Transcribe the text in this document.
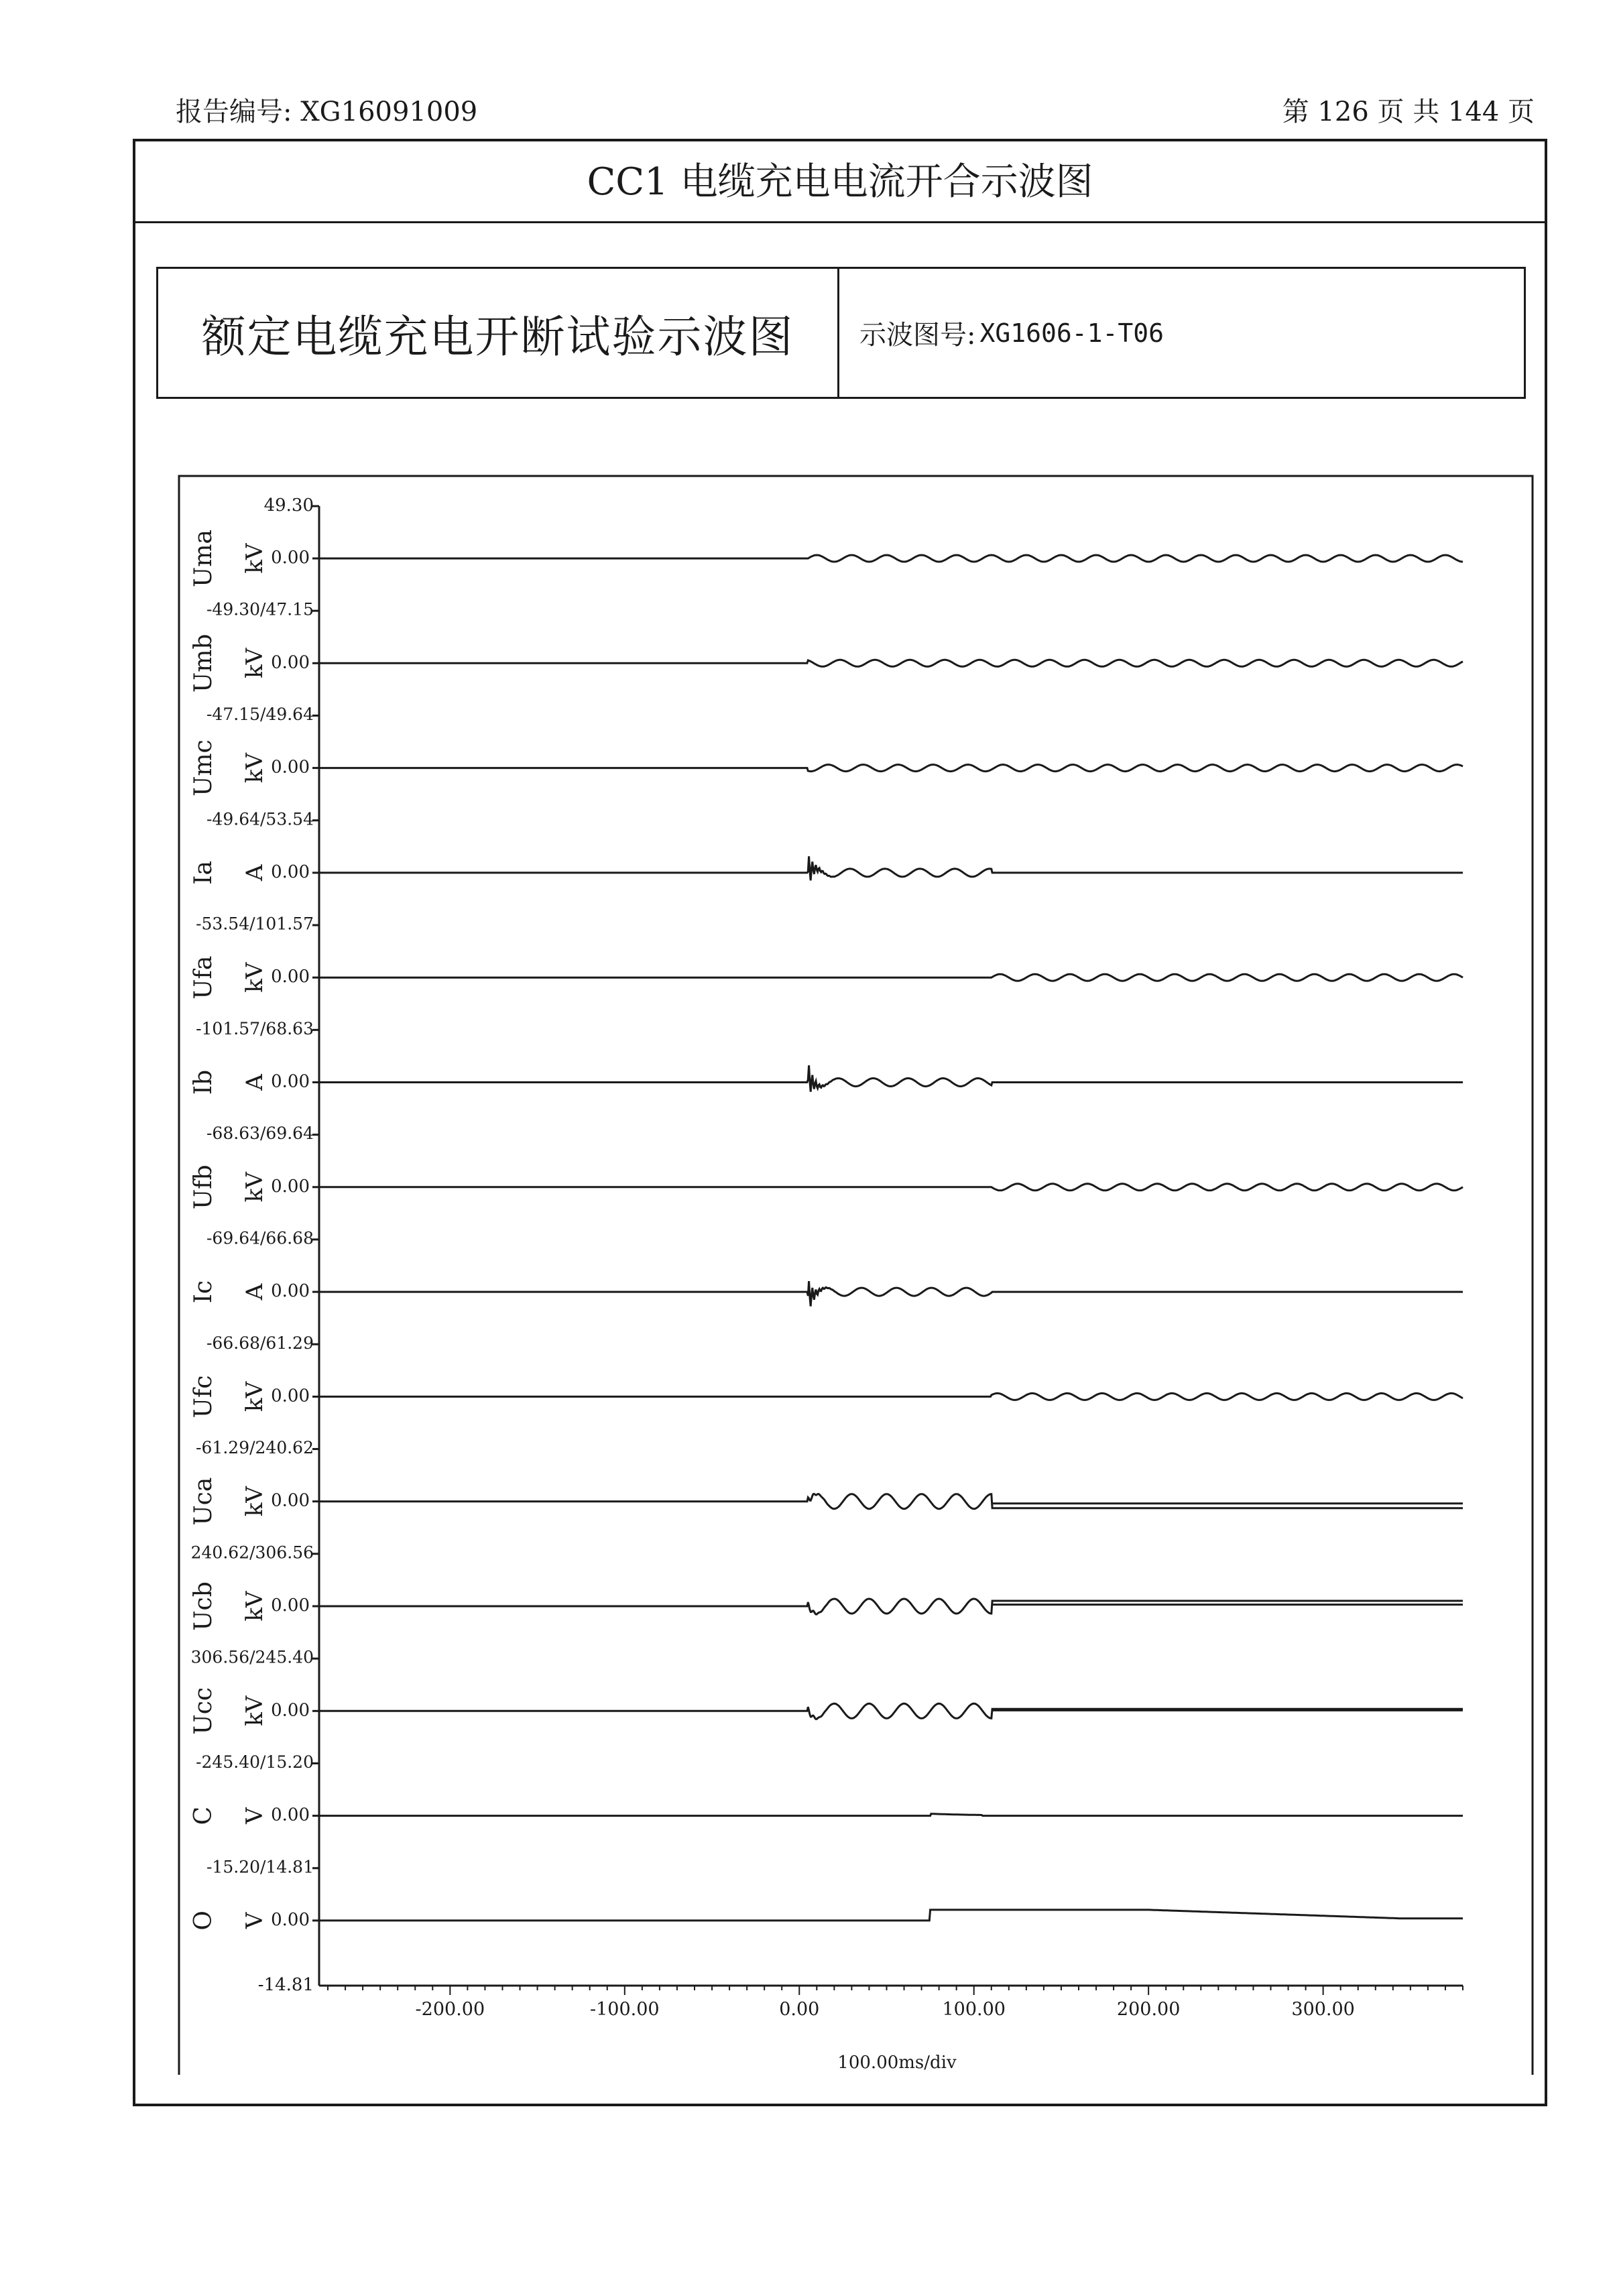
报告编号: XG16091009	第 126 页 共 144 页
CC1 电缆充电电流开合示波图
额定电缆充电开断试验示波图	示波图号: XG1606-1-T06
Uma kV 0.00
-49.30/47.15
Umb kV 0.00
-47.15/49.64
Umc kV 0.00
-49.64/53.54
Ia A 0.00
-53.54/101.57
Ufa kV 0.00
-101.57/68.63
Ib A 0.00
-68.63/69.64
Ufb kV 0.00
-69.64/66.68
Ic A 0.00
-66.68/61.29
Ufc kV 0.00
-61.29/240.62
Uca kV 0.00
240.62/306.56
Ucb kV 0.00
306.56/245.40
Ucc kV 0.00
-245.40/15.20
C V 0.00
-15.20/14.81
O V 0.00
49.30
-14.81
-200.00	-100.00	0.00	100.00	200.00	300.00
100.00ms/div
